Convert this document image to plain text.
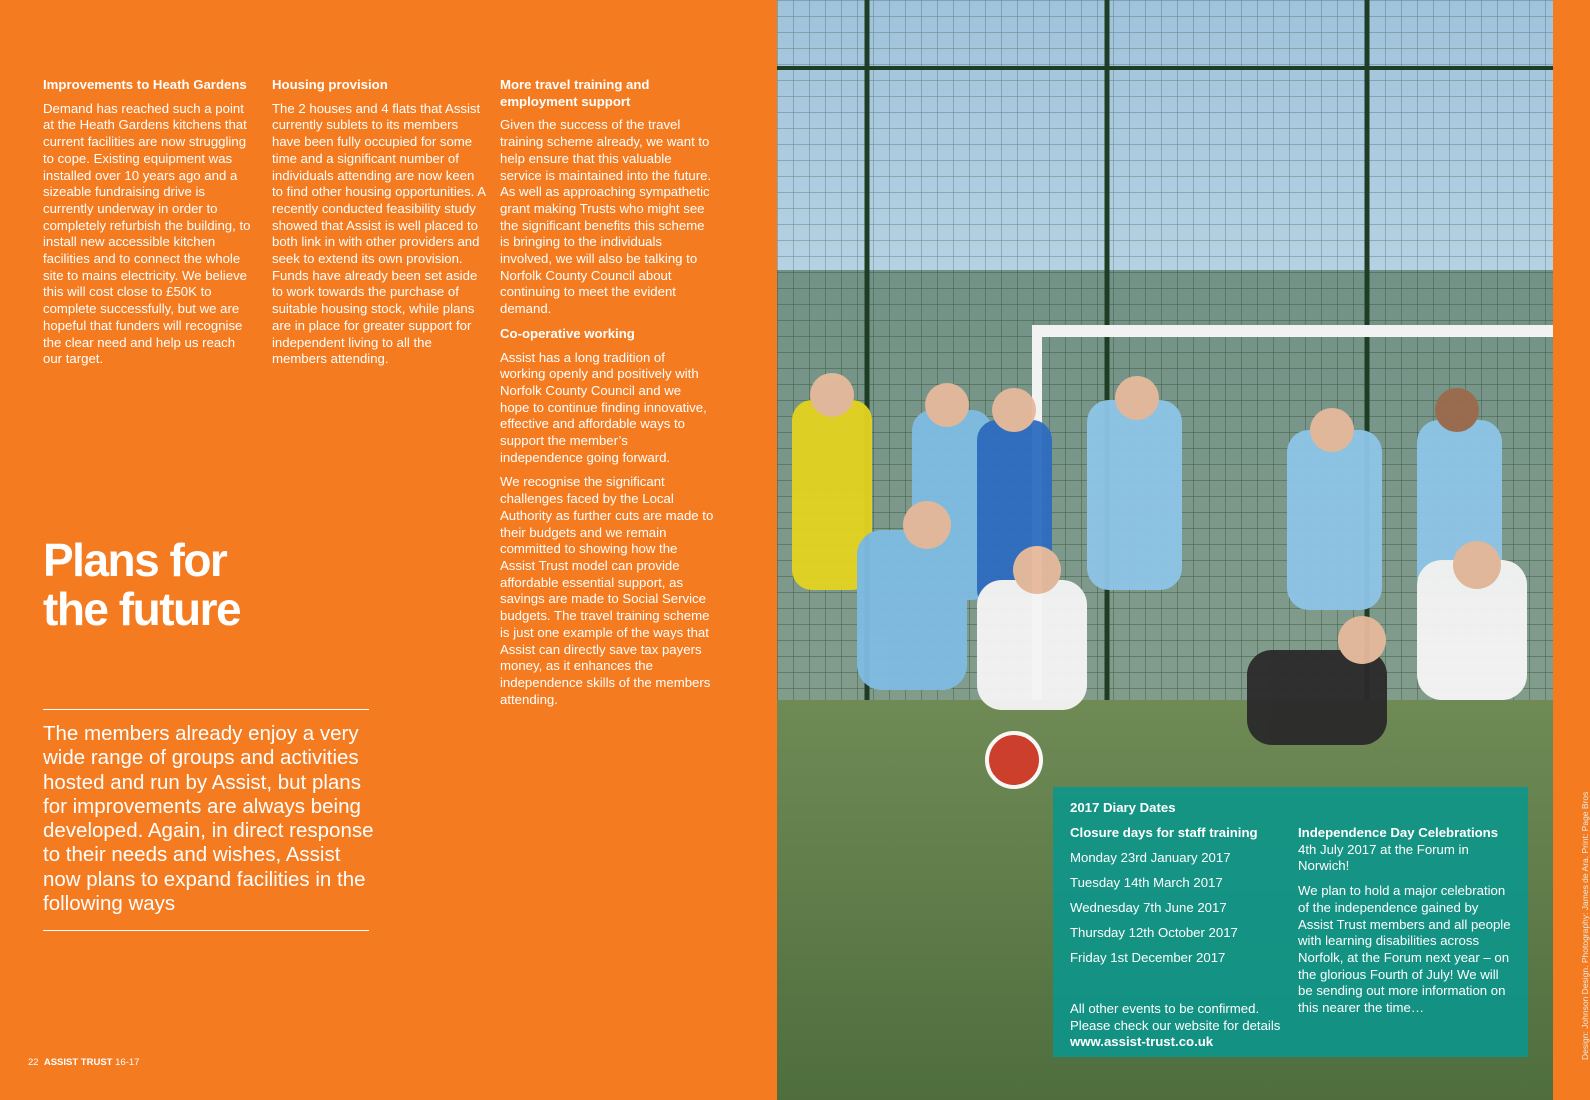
Improvements to Heath Gardens

Demand has reached such a point at the Heath Gardens kitchens that current facilities are now struggling to cope. Existing equipment was installed over 10 years ago and a sizeable fundraising drive is currently underway in order to completely refurbish the building, to install new accessible kitchen facilities and to connect the whole site to mains electricity. We believe this will cost close to £50K to complete successfully, but we are hopeful that funders will recognise the clear need and help us reach our target.

Housing provision

The 2 houses and 4 flats that Assist currently sublets to its members have been fully occupied for some time and a significant number of individuals attending are now keen to find other housing opportunities. A recently conducted feasibility study showed that Assist is well placed to both link in with other providers and seek to extend its own provision. Funds have already been set aside to work towards the purchase of suitable housing stock, while plans are in place for greater support for independent living to all the members attending.

More travel training and employment support

Given the success of the travel training scheme already, we want to help ensure that this valuable service is maintained into the future. As well as approaching sympathetic grant making Trusts who might see the significant benefits this scheme is bringing to the individuals involved, we will also be talking to Norfolk County Council about continuing to meet the evident demand.

Co-operative working

Assist has a long tradition of working openly and positively with Norfolk County Council and we hope to continue finding innovative, effective and affordable ways to support the member’s independence going forward.

We recognise the significant challenges faced by the Local Authority as further cuts are made to their budgets and we remain committed to showing how the Assist Trust model can provide affordable essential support, as savings are made to Social Service budgets. The travel training scheme is just one example of the ways that Assist can directly save tax payers money, as it enhances the independence skills of the members attending.

Plans for
the future

The members already enjoy a very wide range of groups and activities hosted and run by Assist, but plans for improvements are always being developed. Again, in direct response to their needs and wishes, Assist now plans to expand facilities in the following ways

22 ASSIST TRUST 16-17
Design: Johnson Design. Photography: James de Ara. Print: Page Bros
2017 Diary Dates
Closure days for staff training
Monday 23rd January 2017
Tuesday 14th March 2017
Wednesday 7th June 2017
Thursday 12th October 2017
Friday 1st December 2017
All other events to be confirmed. Please check our website for details www.assist-trust.co.uk
Independence Day Celebrations
4th July 2017 at the Forum in Norwich!
We plan to hold a major celebration of the independence gained by Assist Trust members and all people with learning disabilities across Norfolk, at the Forum next year – on the glorious Fourth of July! We will be sending out more information on this nearer the time…
